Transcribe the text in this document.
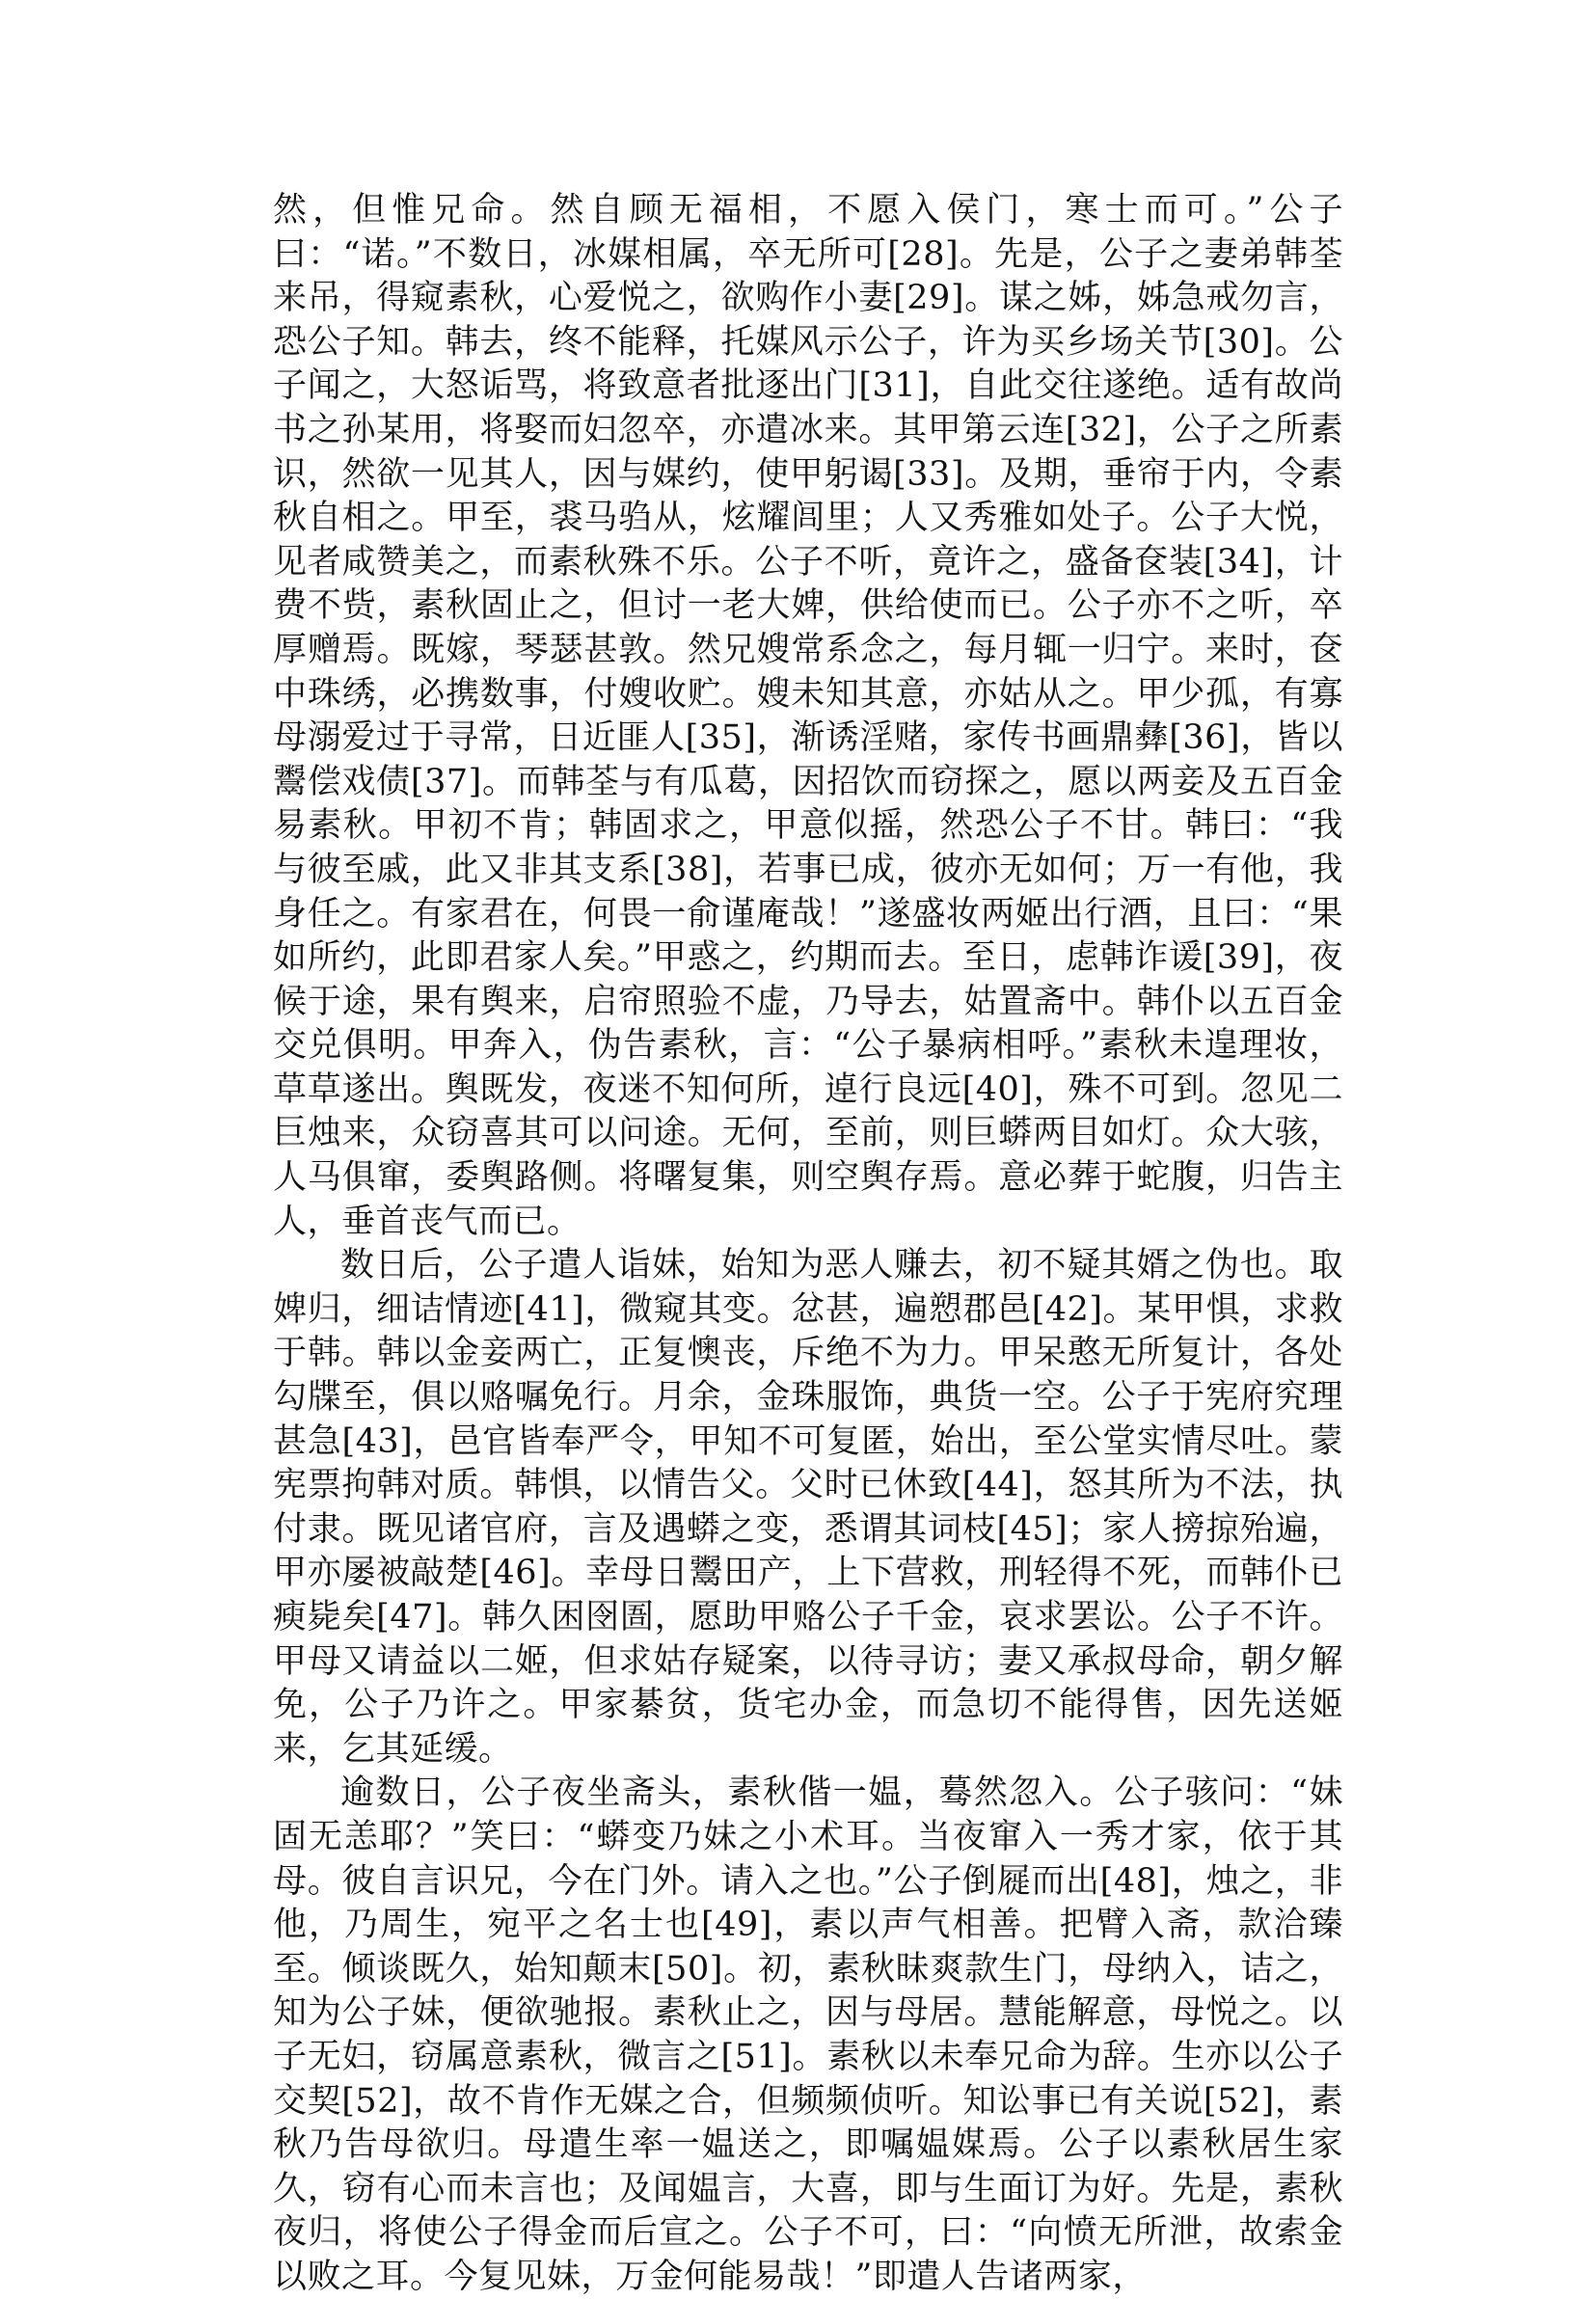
然，但惟兄命。然自顾无福相，不愿入侯门，寒士而可。”公子曰：“诺。”不数日，冰媒相属，卒无所可[28]。先是，公子之妻弟韩荃来吊，得窥素秋，心爱悦之，欲购作小妻[29]。谋之姊，姊急戒勿言，恐公子知。韩去，终不能释，托媒风示公子，许为买乡场关节[30]。公子闻之，大怒诟骂，将致意者批逐出门[31]，自此交往遂绝。适有故尚书之孙某用，将娶而妇忽卒，亦遣冰来。其甲第云连[32]，公子之所素识，然欲一见其人，因与媒约，使甲躬谒[33]。及期，垂帘于内，令素秋自相之。甲至，裘马驺从，炫耀闾里；人又秀雅如处子。公子大悦，见者咸赞美之，而素秋殊不乐。公子不听，竟许之，盛备奁装[34]，计费不赀，素秋固止之，但讨一老大婢，供给使而已。公子亦不之听，卒厚赠焉。既嫁，琴瑟甚敦。然兄嫂常系念之，每月辄一归宁。来时，奁中珠绣，必携数事，付嫂收贮。嫂未知其意，亦姑从之。甲少孤，有寡母溺爱过于寻常，日近匪人[35]，渐诱淫赌，家传书画鼎彝[36]，皆以鬻偿戏债[37]。而韩荃与有瓜葛，因招饮而窃探之，愿以两妾及五百金易素秋。甲初不肯；韩固求之，甲意似摇，然恐公子不甘。韩曰：“我与彼至戚，此又非其支系[38]，若事已成，彼亦无如何；万一有他，我身任之。有家君在，何畏一俞谨庵哉！”遂盛妆两姬出行酒，且曰：“果如所约，此即君家人矣。”甲惑之，约期而去。至日，虑韩诈谖[39]，夜候于途，果有舆来，启帘照验不虚，乃导去，姑置斋中。韩仆以五百金交兑俱明。甲奔入，伪告素秋，言：“公子暴病相呼。”素秋未遑理妆，草草遂出。舆既发，夜迷不知何所，逴行良远[40]，殊不可到。忽见二巨烛来，众窃喜其可以问途。无何，至前，则巨蟒两目如灯。众大骇，人马俱窜，委舆路侧。将曙复集，则空舆存焉。意必葬于蛇腹，归告主人，垂首丧气而已。

数日后，公子遣人诣妹，始知为恶人赚去，初不疑其婿之伪也。取婢归，细诘情迹[41]，微窥其变。忿甚，遍愬郡邑[42]。某甲惧，求救于韩。韩以金妾两亡，正复懊丧，斥绝不为力。甲呆憨无所复计，各处勾牒至，俱以赂嘱免行。月余，金珠服饰，典货一空。公子于宪府究理甚急[43]，邑官皆奉严令，甲知不可复匿，始出，至公堂实情尽吐。蒙宪票拘韩对质。韩惧，以情告父。父时已休致[44]，怒其所为不法，执付隶。既见诸官府，言及遇蟒之变，悉谓其词枝[45]；家人搒掠殆遍，甲亦屡被敲楚[46]。幸母日鬻田产，上下营救，刑轻得不死，而韩仆已瘐毙矣[47]。韩久困囹圄，愿助甲赂公子千金，哀求罢讼。公子不许。甲母又请益以二姬，但求姑存疑案，以待寻访；妻又承叔母命，朝夕解免，公子乃许之。甲家綦贫，货宅办金，而急切不能得售，因先送姬来，乞其延缓。

逾数日，公子夜坐斋头，素秋偕一媪，蓦然忽入。公子骇问：“妹固无恙耶？”笑曰：“蟒变乃妹之小术耳。当夜窜入一秀才家，依于其母。彼自言识兄，今在门外。请入之也。”公子倒屣而出[48]，烛之，非他，乃周生，宛平之名士也[49]，素以声气相善。把臂入斋，款洽臻至。倾谈既久，始知颠末[50]。初，素秋昧爽款生门，母纳入，诘之，知为公子妹，便欲驰报。素秋止之，因与母居。慧能解意，母悦之。以子无妇，窃属意素秋，微言之[51]。素秋以未奉兄命为辞。生亦以公子交契[52]，故不肯作无媒之合，但频频侦听。知讼事已有关说[52]，素秋乃告母欲归。母遣生率一媪送之，即嘱媪媒焉。公子以素秋居生家久，窃有心而未言也；及闻媪言，大喜，即与生面订为好。先是，素秋夜归，将使公子得金而后宣之。公子不可，曰：“向愤无所泄，故索金以败之耳。今复见妹，万金何能易哉！”即遣人告诸两家，
